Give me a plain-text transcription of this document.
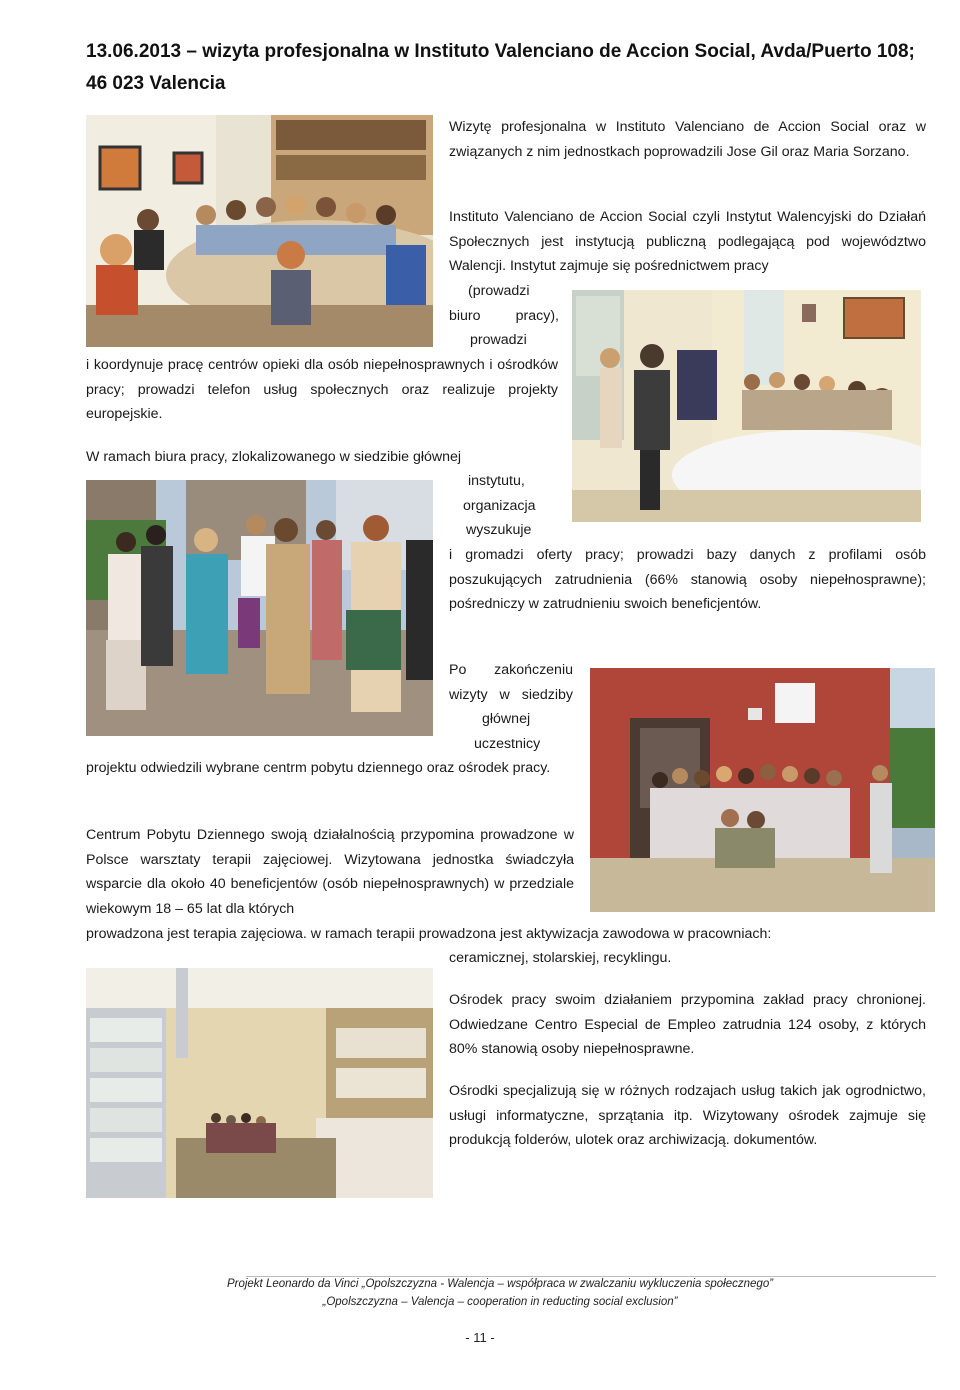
13.06.2013 – wizyta profesjonalna w Instituto Valenciano de Accion Social, Avda/Puerto 108; 46 023 Valencia

Wizytę profesjonalna w Instituto Valenciano de Accion Social oraz w związanych z nim jednostkach poprowadzili Jose Gil oraz Maria Sorzano.

Instituto Valenciano de Accion Social czyli Instytut Walencyjski do Działań Społecznych jest instytucją publiczną podlegającą pod województwo Walencji. Instytut zajmuje się pośrednictwem pracy

(prowadzi

biuro pracy),

prowadzi

i koordynuje pracę centrów opieki dla osób niepełnosprawnych i ośrodków pracy; prowadzi telefon usług społecznych oraz realizuje projekty europejskie.

W ramach biura pracy, zlokalizowanego w siedzibie głównej

instytutu,

organizacja

wyszukuje

i gromadzi oferty pracy; prowadzi bazy danych z profilami osób poszukujących zatrudnienia (66% stanowią osoby niepełnosprawne); pośredniczy w zatrudnieniu swoich beneficjentów.

Po zakończeniu wizyty w siedziby

głównej

uczestnicy

projektu odwiedzili wybrane centrm pobytu dziennego oraz ośrodek pracy.

Centrum Pobytu Dziennego swoją działalnością przypomina prowadzone w Polsce warsztaty terapii zajęciowej. Wizytowana jednostka świadczyła wsparcie dla około 40 beneficjentów (osób niepełnosprawnych) w przedziale wiekowym 18 – 65 lat dla których

prowadzona jest terapia zajęciowa. w ramach terapii prowadzona jest aktywizacja zawodowa w pracowniach:

ceramicznej, stolarskiej, recyklingu.

Ośrodek pracy swoim działaniem przypomina zakład pracy chronionej. Odwiedzane Centro Especial de Empleo zatrudnia 124 osoby, z których 80% stanowią osoby niepełnosprawne.

Ośrodki specjalizują się w różnych rodzajach usług takich jak ogrodnictwo, usługi informatyczne, sprzątania itp. Wizytowany ośrodek zajmuje się produkcją folderów, ulotek oraz archiwizacją. dokumentów.

Projekt Leonardo da Vinci „Opolszczyzna - Walencja – współpraca w zwalczaniu wykluczenia społecznego”

„Opolszczyzna – Valencja – cooperation in reducting social exclusion”

- 11 -
